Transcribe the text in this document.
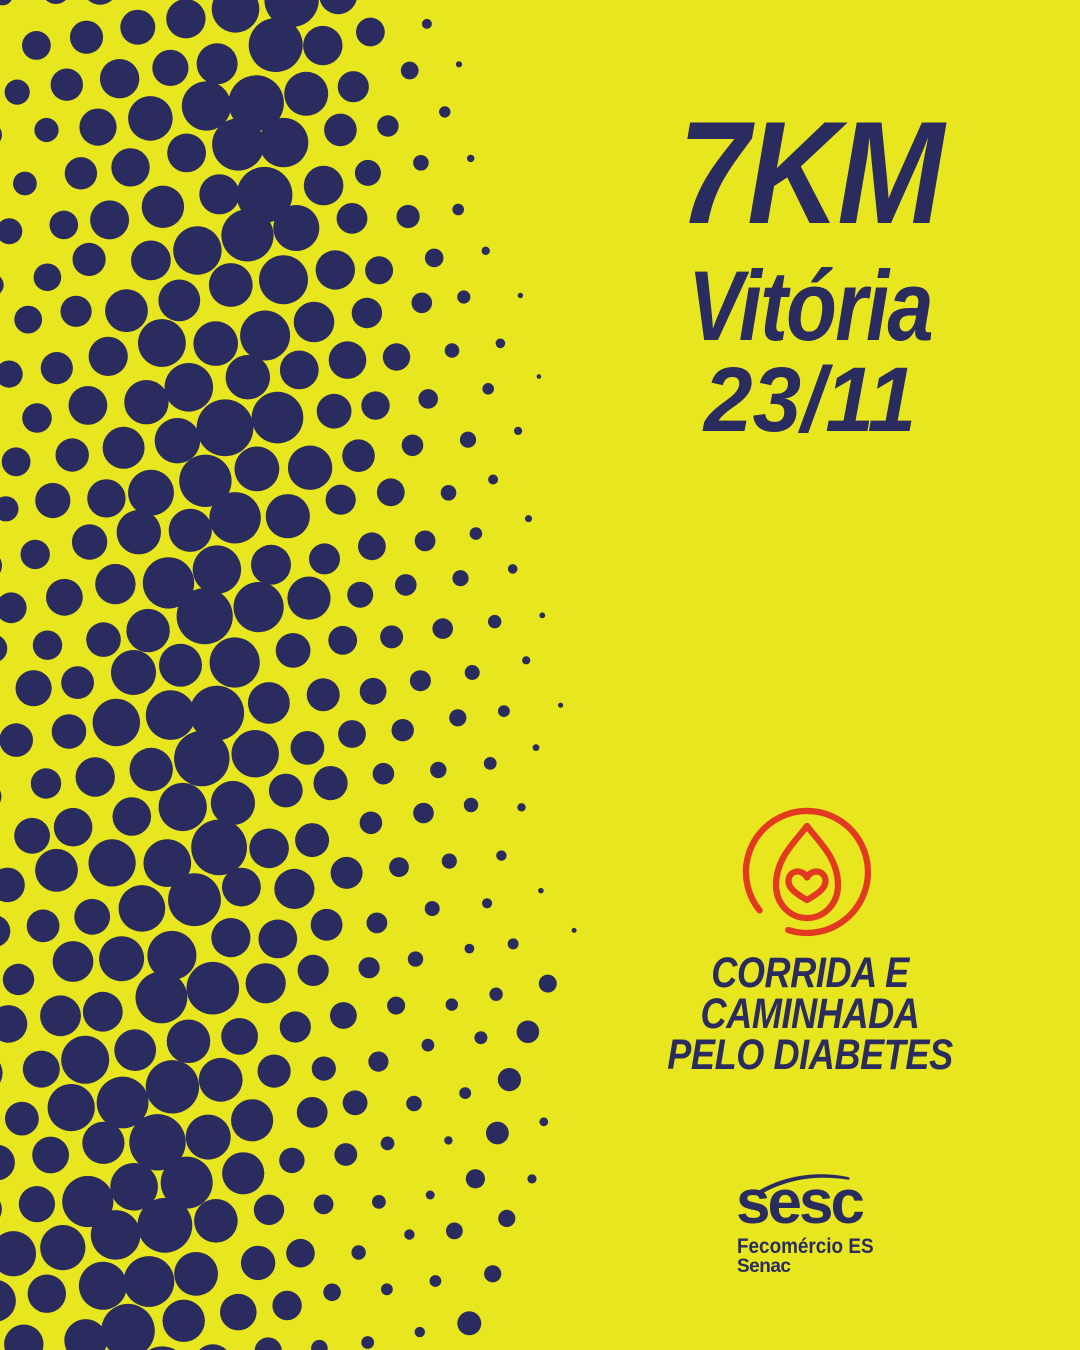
7KM
Vitória
23/11
CORRIDA E
CAMINHADA
PELO DIABETES
sesc
Fecomércio ES
Senac
